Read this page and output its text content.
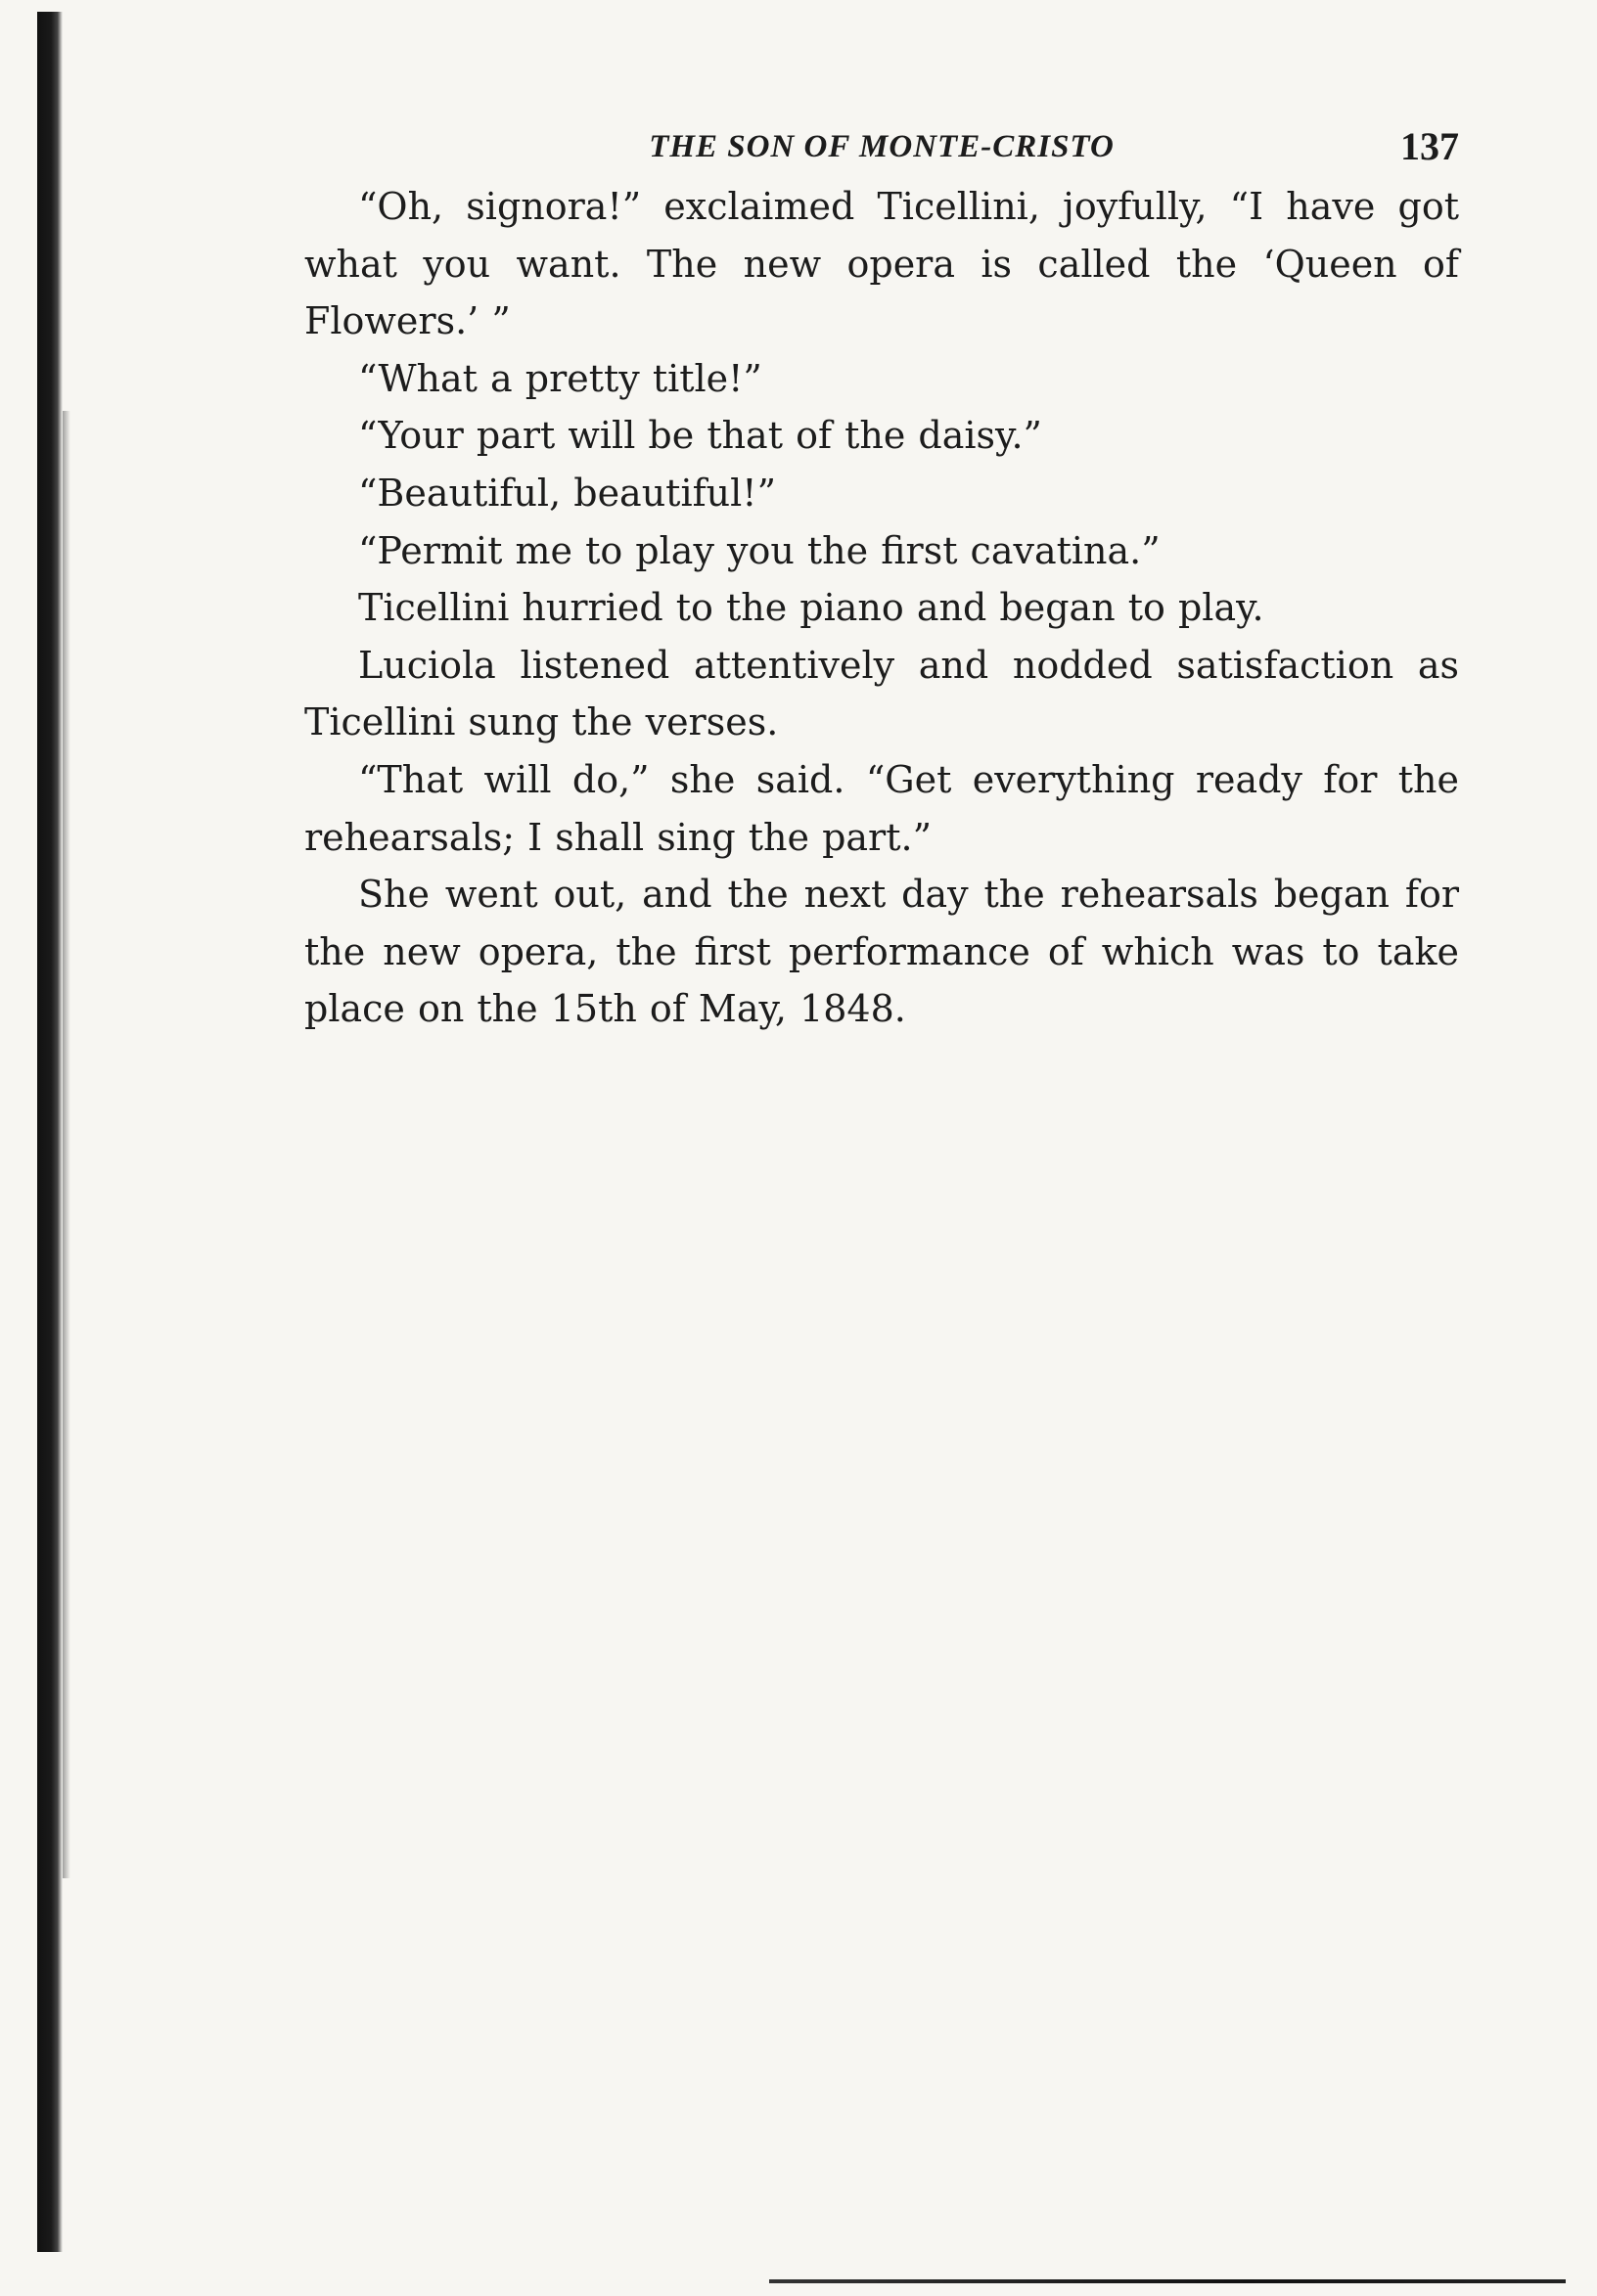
THE SON OF MONTE-CRISTO	137

“Oh, signora!” exclaimed Ticellini, joyfully, “I have got what you want. The new opera is called the ‘Queen of Flowers.’ ”

“What a pretty title!”

“Your part will be that of the daisy.”

“Beautiful, beautiful!”

“Permit me to play you the first cavatina.”

Ticellini hurried to the piano and began to play.

Luciola listened attentively and nodded satisfaction as Ticellini sung the verses.

“That will do,” she said. “Get everything ready for the rehearsals; I shall sing the part.”

She went out, and the next day the rehearsals began for the new opera, the first performance of which was to take place on the 15th of May, 1848.
